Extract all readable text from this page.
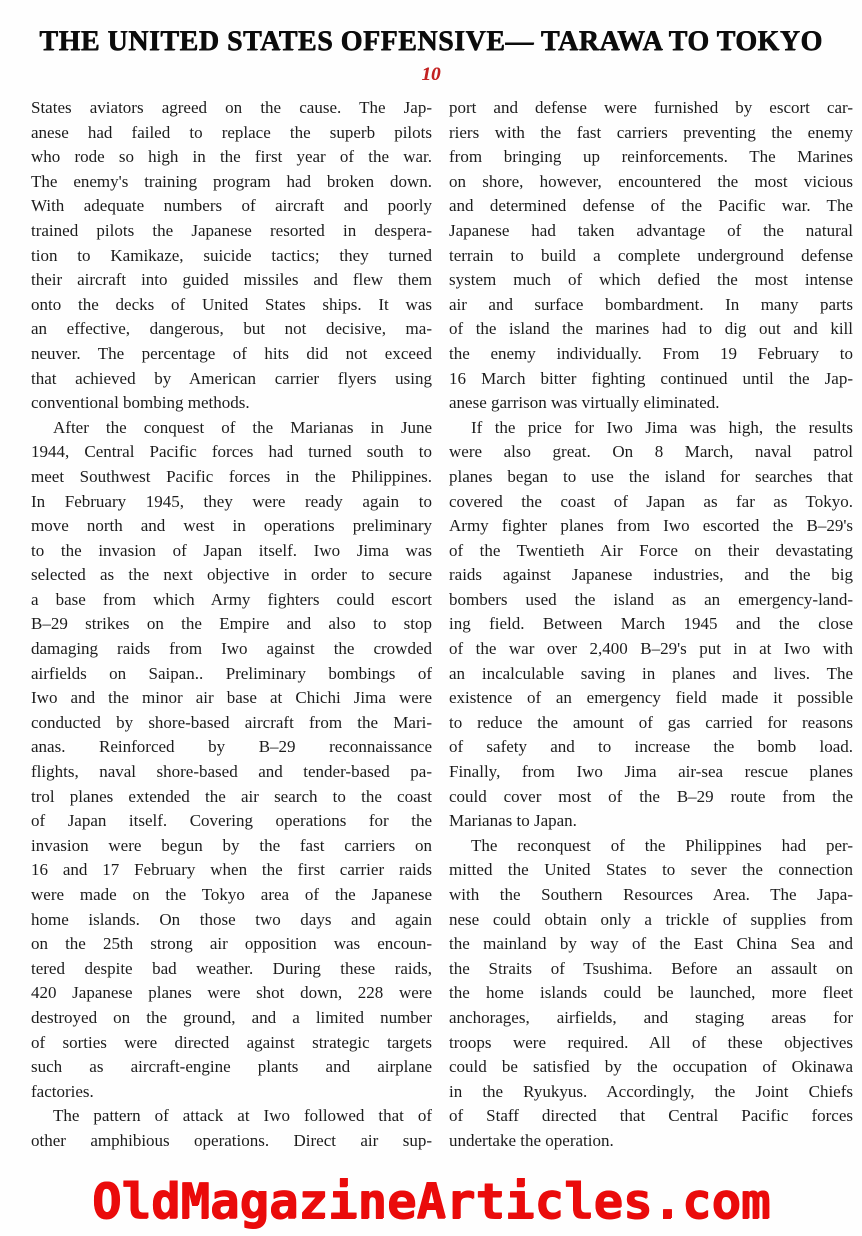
THE UNITED STATES OFFENSIVE— TARAWA TO TOKYO
10
States aviators agreed on the cause. The Jap-
anese had failed to replace the superb pilots
who rode so high in the first year of the war.
The enemy's training program had broken down.
With adequate numbers of aircraft and poorly
trained pilots the Japanese resorted in despera-
tion to Kamikaze, suicide tactics; they turned
their aircraft into guided missiles and flew them
onto the decks of United States ships. It was
an effective, dangerous, but not decisive, ma-
neuver. The percentage of hits did not exceed
that achieved by American carrier flyers using
conventional bombing methods.
After the conquest of the Marianas in June
1944, Central Pacific forces had turned south to
meet Southwest Pacific forces in the Philippines.
In February 1945, they were ready again to
move north and west in operations preliminary
to the invasion of Japan itself. Iwo Jima was
selected as the next objective in order to secure
a base from which Army fighters could escort
B–29 strikes on the Empire and also to stop
damaging raids from Iwo against the crowded
airfields on Saipan.. Preliminary bombings of
Iwo and the minor air base at Chichi Jima were
conducted by shore-based aircraft from the Mari-
anas. Reinforced by B–29 reconnaissance
flights, naval shore-based and tender-based pa-
trol planes extended the air search to the coast
of Japan itself. Covering operations for the
invasion were begun by the fast carriers on
16 and 17 February when the first carrier raids
were made on the Tokyo area of the Japanese
home islands. On those two days and again
on the 25th strong air opposition was encoun-
tered despite bad weather. During these raids,
420 Japanese planes were shot down, 228 were
destroyed on the ground, and a limited number
of sorties were directed against strategic targets
such as aircraft-engine plants and airplane
factories.
The pattern of attack at Iwo followed that of
other amphibious operations. Direct air sup-
port and defense were furnished by escort car-
riers with the fast carriers preventing the enemy
from bringing up reinforcements. The Marines
on shore, however, encountered the most vicious
and determined defense of the Pacific war. The
Japanese had taken advantage of the natural
terrain to build a complete underground defense
system much of which defied the most intense
air and surface bombardment. In many parts
of the island the marines had to dig out and kill
the enemy individually. From 19 February to
16 March bitter fighting continued until the Jap-
anese garrison was virtually eliminated.
If the price for Iwo Jima was high, the results
were also great. On 8 March, naval patrol
planes began to use the island for searches that
covered the coast of Japan as far as Tokyo.
Army fighter planes from Iwo escorted the B–29's
of the Twentieth Air Force on their devastating
raids against Japanese industries, and the big
bombers used the island as an emergency-land-
ing field. Between March 1945 and the close
of the war over 2,400 B–29's put in at Iwo with
an incalculable saving in planes and lives. The
existence of an emergency field made it possible
to reduce the amount of gas carried for reasons
of safety and to increase the bomb load.
Finally, from Iwo Jima air-sea rescue planes
could cover most of the B–29 route from the
Marianas to Japan.
The reconquest of the Philippines had per-
mitted the United States to sever the connection
with the Southern Resources Area. The Japa-
nese could obtain only a trickle of supplies from
the mainland by way of the East China Sea and
the Straits of Tsushima. Before an assault on
the home islands could be launched, more fleet
anchorages, airfields, and staging areas for
troops were required. All of these objectives
could be satisfied by the occupation of Okinawa
in the Ryukyus. Accordingly, the Joint Chiefs
of Staff directed that Central Pacific forces
undertake the operation.
OldMagazineArticles.com
